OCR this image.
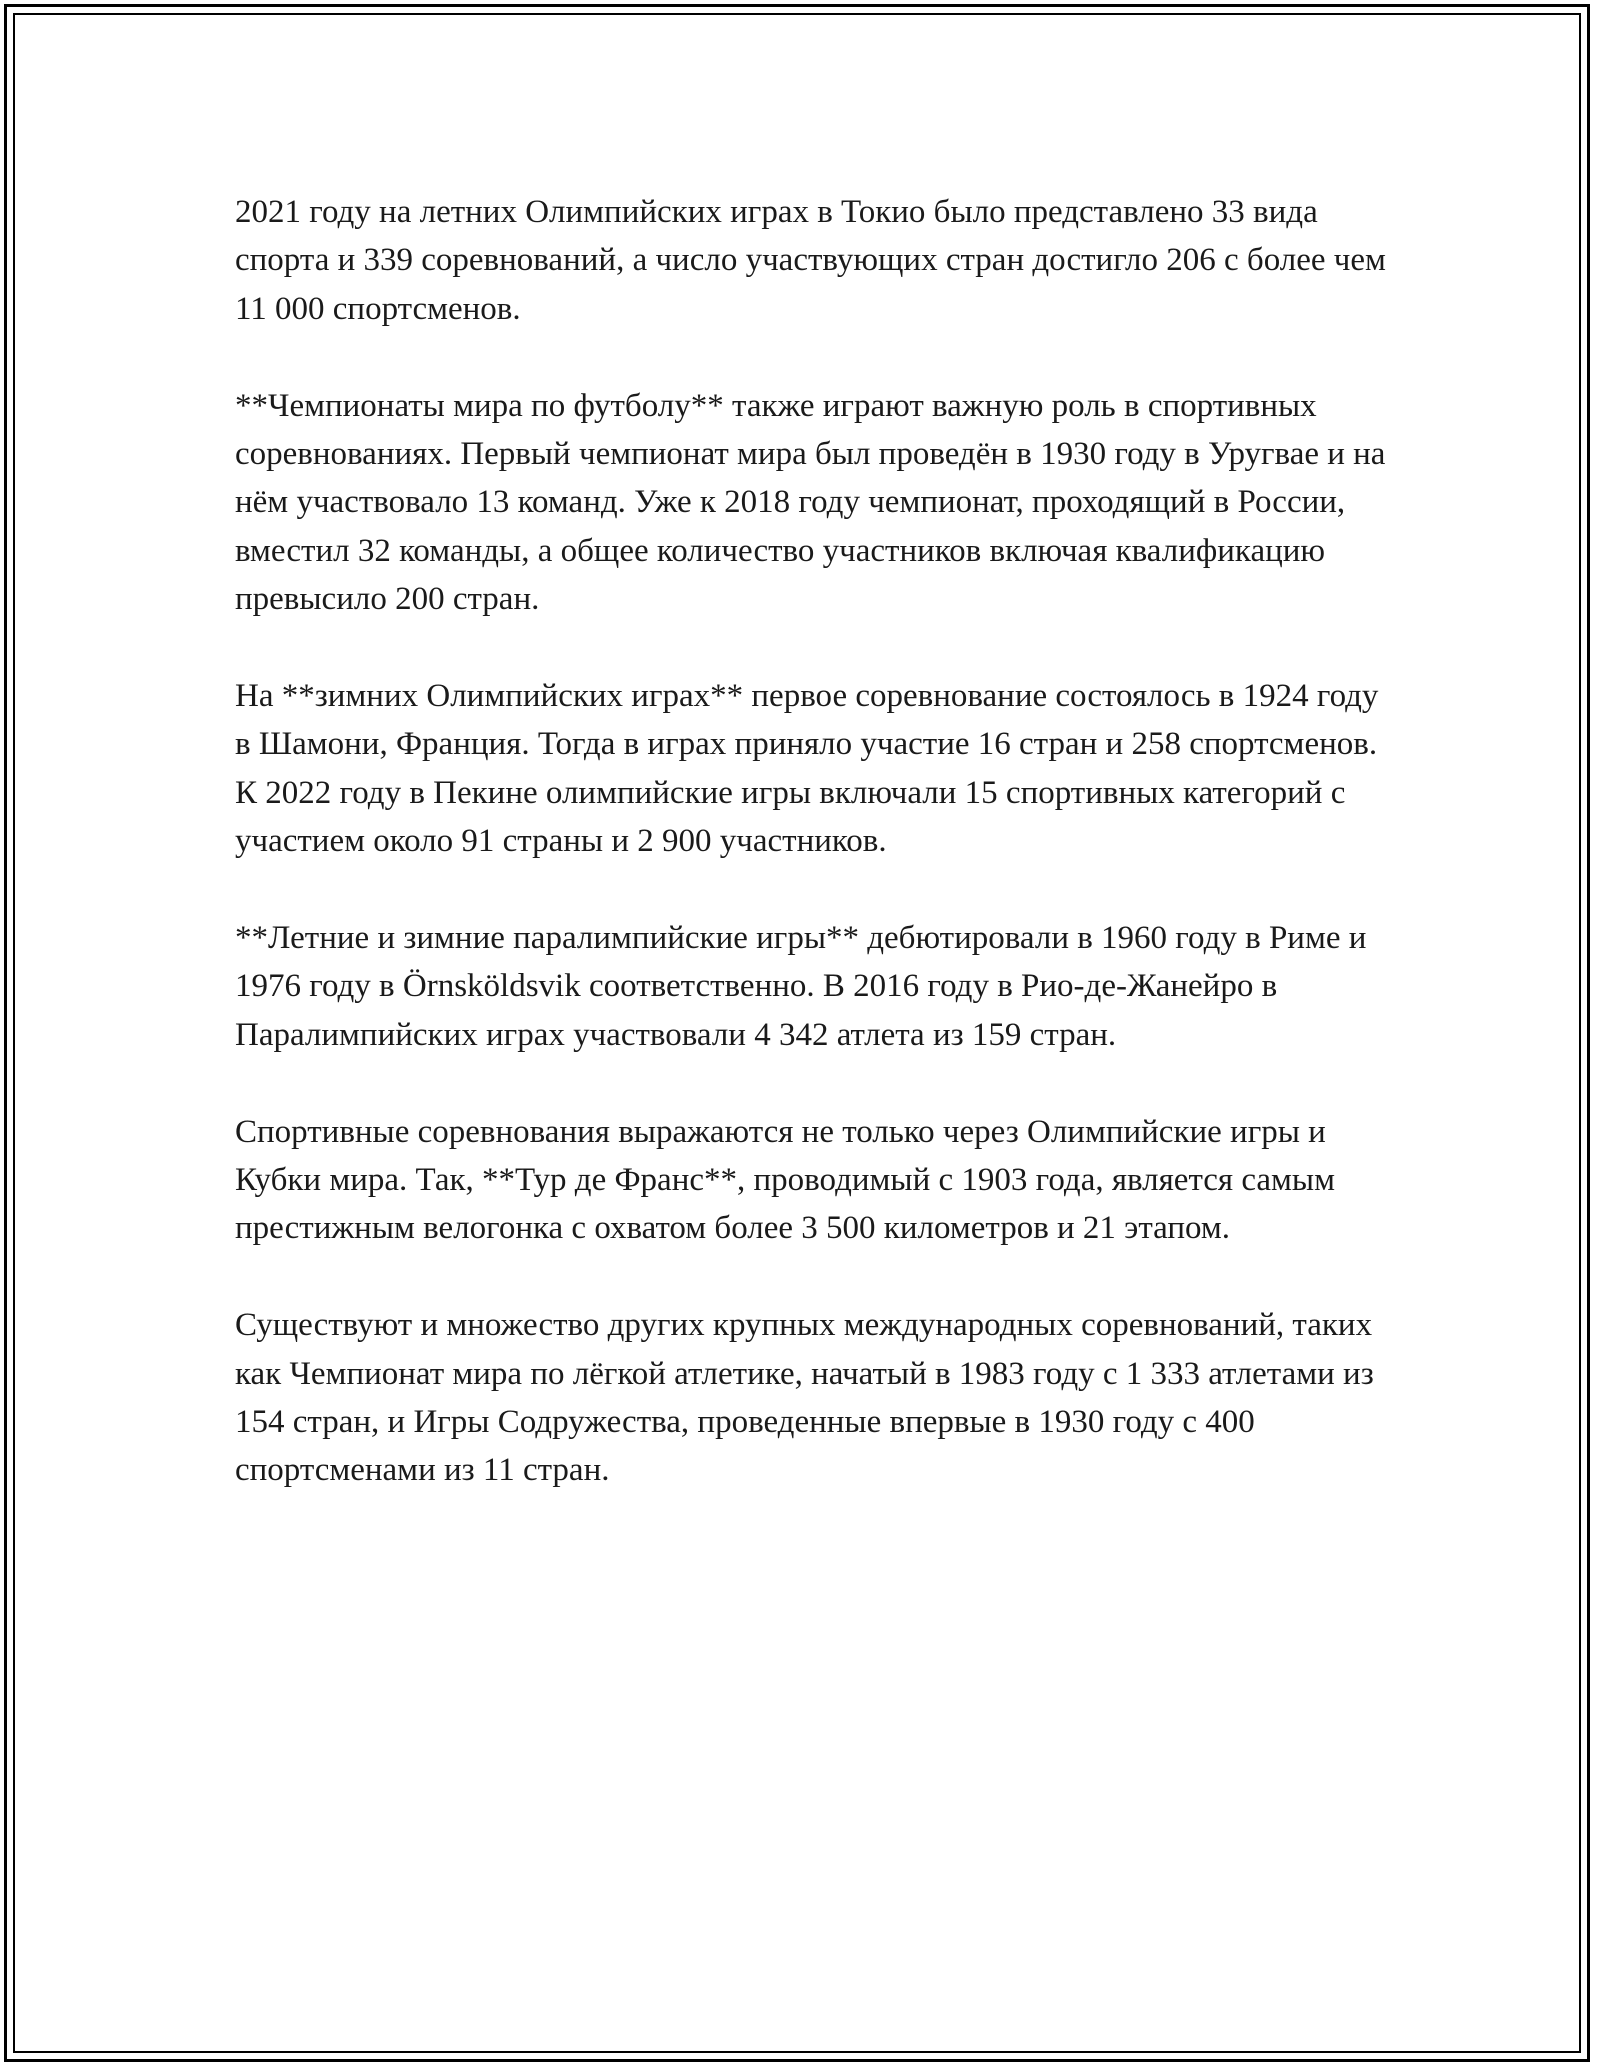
2021 году на летних Олимпийских играх в Токио было представлено 33 вида спорта и 339 соревнований, а число участвующих стран достигло 206 с более чем 11 000 спортсменов.

**Чемпионаты мира по футболу** также играют важную роль в спортивных соревнованиях. Первый чемпионат мира был проведён в 1930 году в Уругвае и на нём участвовало 13 команд. Уже к 2018 году чемпионат, проходящий в России, вместил 32 команды, а общее количество участников включая квалификацию превысило 200 стран.

На **зимних Олимпийских играх** первое соревнование состоялось в 1924 году в Шамони, Франция. Тогда в играх приняло участие 16 стран и 258 спортсменов. К 2022 году в Пекине олимпийские игры включали 15 спортивных категорий с участием около 91 страны и 2 900 участников.

**Летние и зимние паралимпийские игры** дебютировали в 1960 году в Риме и 1976 году в Örnsköldsvik соответственно. В 2016 году в Рио-де-Жанейро в Паралимпийских играх участвовали 4 342 атлета из 159 стран.

Спортивные соревнования выражаются не только через Олимпийские игры и Кубки мира. Так, **Тур де Франс**, проводимый с 1903 года, является самым престижным велогонка с охватом более 3 500 километров и 21 этапом.

Существуют и множество других крупных международных соревнований, таких как Чемпионат мира по лёгкой атлетике, начатый в 1983 году с 1 333 атлетами из 154 стран, и Игры Содружества, проведенные впервые в 1930 году с 400 спортсменами из 11 стран.
